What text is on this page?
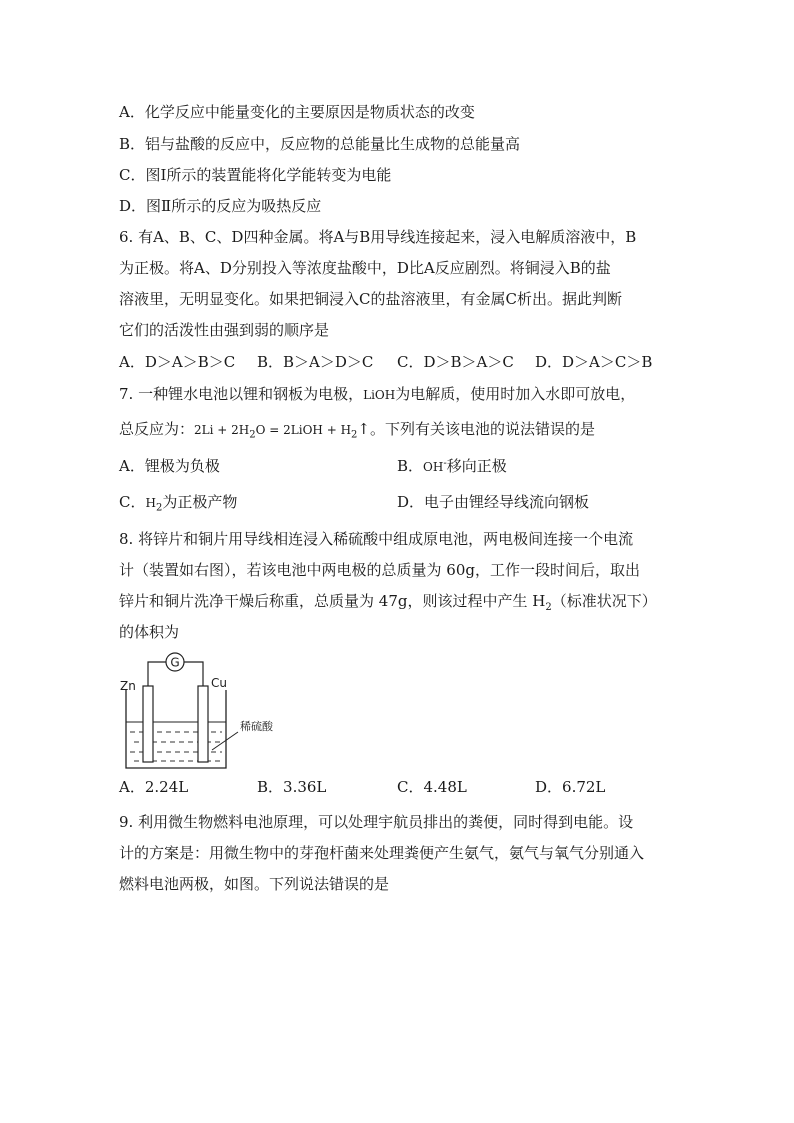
A．化学反应中能量变化的主要原因是物质状态的改变
B．铝与盐酸的反应中，反应物的总能量比生成物的总能量高
C．图Ⅰ所示的装置能将化学能转变为电能
D．图Ⅱ所示的反应为吸热反应
6. 有A、B、C、D四种金属。将A与B用导线连接起来，浸入电解质溶液中，B
为正极。将A、D分别投入等浓度盐酸中，D比A反应剧烈。将铜浸入B的盐
溶液里，无明显变化。如果把铜浸入C的盐溶液里，有金属C析出。据此判断
它们的活泼性由强到弱的顺序是
A．D＞A＞B＞C B．B＞A＞D＞C C．D＞B＞A＞C D．D＞A＞C＞B
7. 一种锂水电池以锂和钢板为电极，LiOH为电解质，使用时加入水即可放电，
总反应为：$2Li + 2H_2O$ = 2LiOH + $H_2↑$。下列有关该电池的说法错误的是
A．锂极为负极	B．OH-移向正极
C．$H_2$为正极产物	D．电子由锂经导线流向钢板
8. 将锌片和铜片用导线相连浸入稀硫酸中组成原电池，两电极间连接一个电流
计（装置如右图），若该电池中两电极的总质量为 60g，工作一段时间后，取出
锌片和铜片洗净干燥后称重，总质量为 47g，则该过程中产生 $H_2$（标准状况下）
的体积为
G
Zn	Cu
稀硫酸
A．2.24L	B．3.36L	C．4.48L	D．6.72L
9. 利用微生物燃料电池原理，可以处理宇航员排出的粪便，同时得到电能。设
计的方案是：用微生物中的芽孢杆菌来处理粪便产生氨气，氨气与氧气分别通入
燃料电池两极，如图。下列说法错误的是
